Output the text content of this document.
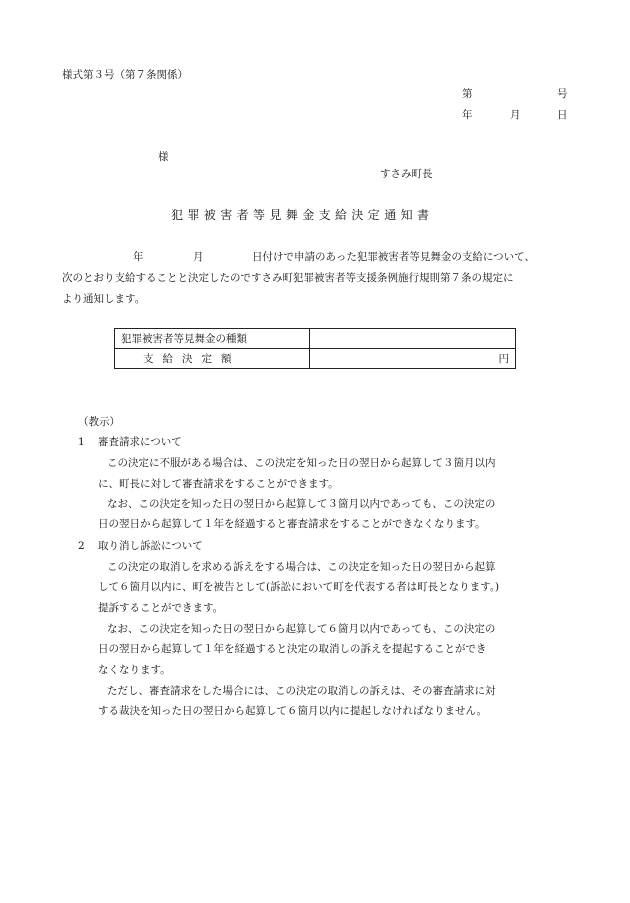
様式第３号（第７条関係）
第	号
年	月	日
様
すさみ町長
犯罪被害者等見舞金支給決定通知書
年	月	日付けで申請のあった犯罪被害者等見舞金の支給について、
次のとおり支給することと決定したのですさみ町犯罪被害者等支援条例施行規則第７条の規定に
より通知します。
犯罪被害者等見舞金の種類	
支給決定額	円
（教示）
1 審査請求について
この決定に不服がある場合は、この決定を知った日の翌日から起算して３箇月以内
に、町長に対して審査請求をすることができます。
なお、この決定を知った日の翌日から起算して３箇月以内であっても、この決定の
日の翌日から起算して１年を経過すると審査請求をすることができなくなります。
2 取り消し訴訟について
この決定の取消しを求める訴えをする場合は、この決定を知った日の翌日から起算
して６箇月以内に、町を被告として(訴訟において町を代表する者は町長となります。)
提訴することができます。
なお、この決定を知った日の翌日から起算して６箇月以内であっても、この決定の
日の翌日から起算して１年を経過すると決定の取消しの訴えを提起することができ
なくなります。
ただし、審査請求をした場合には、この決定の取消しの訴えは、その審査請求に対
する裁決を知った日の翌日から起算して６箇月以内に提起しなければなりません。
